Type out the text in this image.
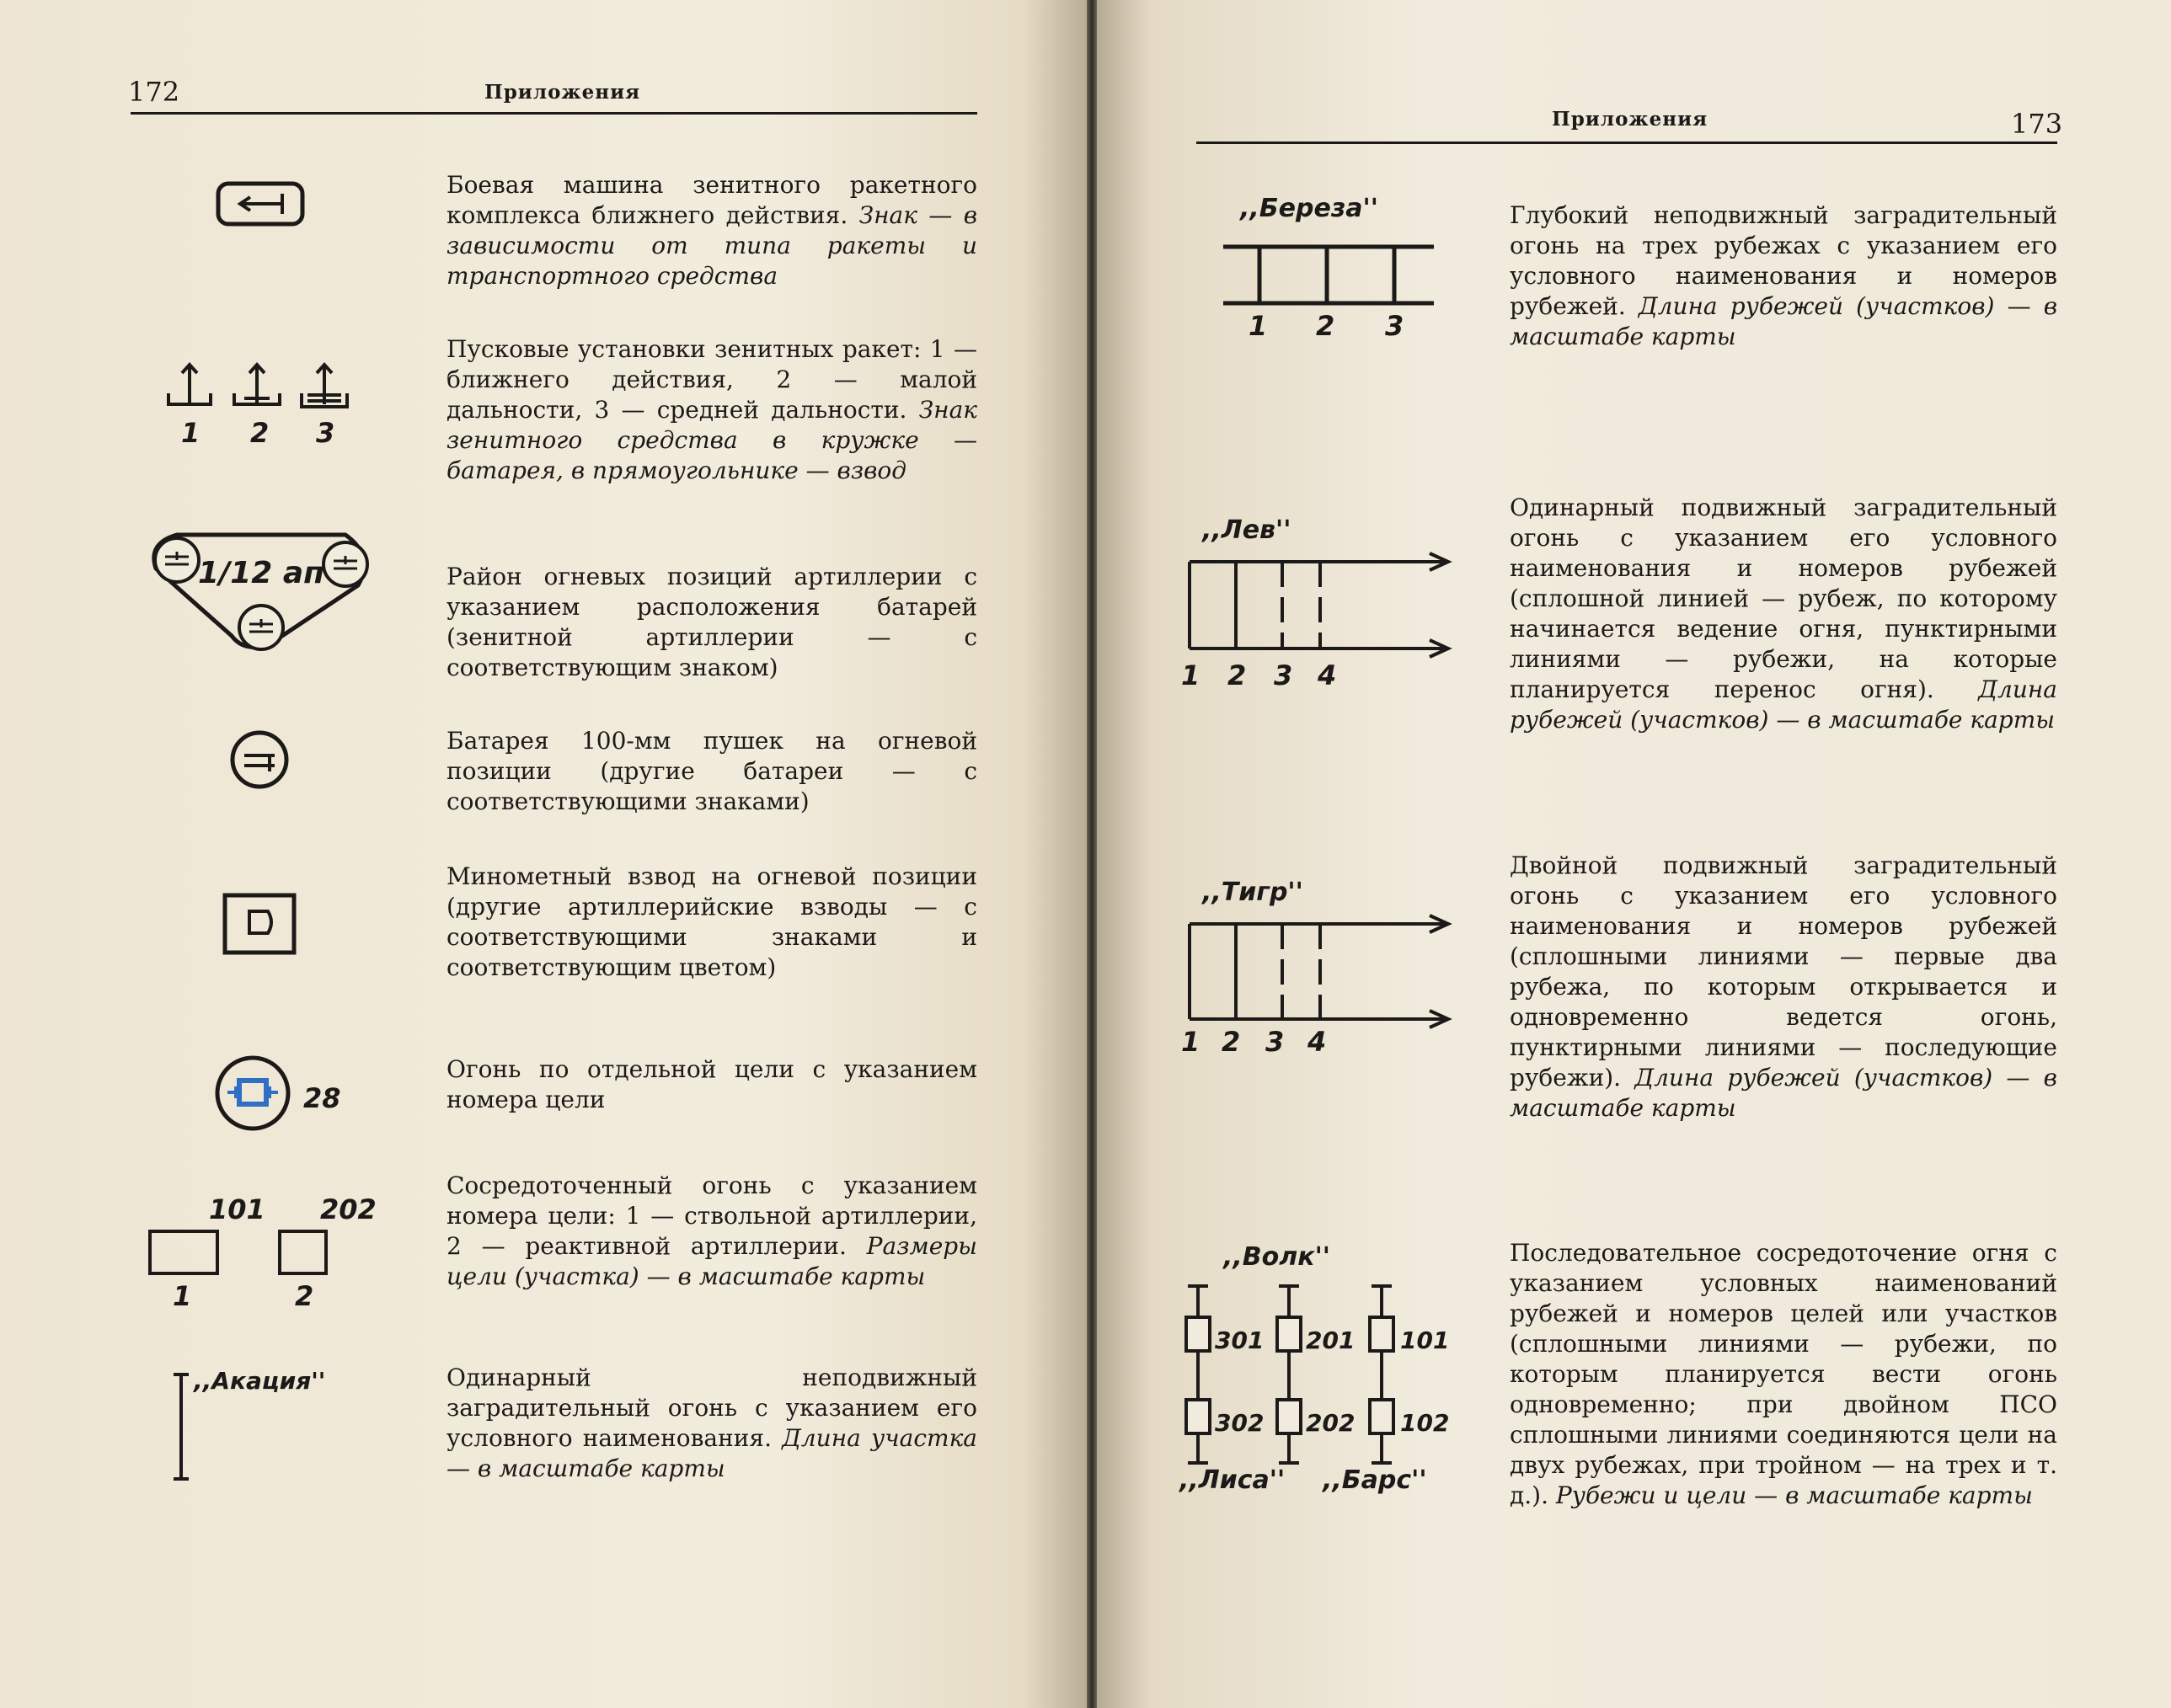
172	Приложения
Боевая машина зенитного ракетного комплекса ближнего действия. Знак — в зависимости от типа ракеты и транспортного средства
1 2 3
Пусковые установки зенитных ракет: 1 — ближнего действия, 2 — малой дальности, 3 — средней дальности. Знак зенитного средства в кружке — батарея, в прямоугольнике — взвод
1/12 ап	Район огневых позиций артиллерии с указанием расположения батарей (зенитной артиллерии — с соответствующим знаком)
Батарея 100-мм пушек на огневой позиции (другие батареи — с соответствующими знаками)
Минометный взвод на огневой позиции (другие артиллерийские взводы — с соответствующими знаками и соответствующим цветом)
28
Огонь по отдельной цели с указанием номера цели
101 202
1	2
Сосредоточенный огонь с указанием номера цели: 1 — ствольной артиллерии, 2 — реактивной артиллерии. Размеры цели (участка) — в масштабе карты
,,Акация''	Одинарный неподвижный заградительный огонь с указанием его условного наименования. Длина участка — в масштабе карты
Приложения	173
,,Береза''
1 2 3
Глубокий неподвижный заградительный огонь на трех рубежах с указанием его условного наименования и номеров рубежей. Длина рубежей (участков) — в масштабе карты
,,Лев''
1 2 3 4
Одинарный подвижный заградительный огонь с указанием его условного наименования и номеров рубежей (сплошной линией — рубеж, по которому начинается ведение огня, пунктирными линиями — рубежи, на которые планируется перенос огня). Длина рубежей (участков) — в масштабе карты
,,Тигр''
1 2 3 4
Двойной подвижный заградительный огонь с указанием его условного наименования и номеров рубежей (сплошными линиями — первые два рубежа, по которым открывается и одновременно ведется огонь, пунктирными линиями — последующие рубежи). Длина рубежей (участков) — в масштабе карты
,,Волк''
301 201 101
302 202 102
,,Лиса'' ,,Барс''
Последовательное сосредоточение огня с указанием условных наименований рубежей и номеров целей или участков (сплошными линиями — рубежи, по которым планируется вести огонь одновременно; при двойном ПСО сплошными линиями соединяются цели на двух рубежах, при тройном — на трех и т. д.). Рубежи и цели — в масштабе карты
